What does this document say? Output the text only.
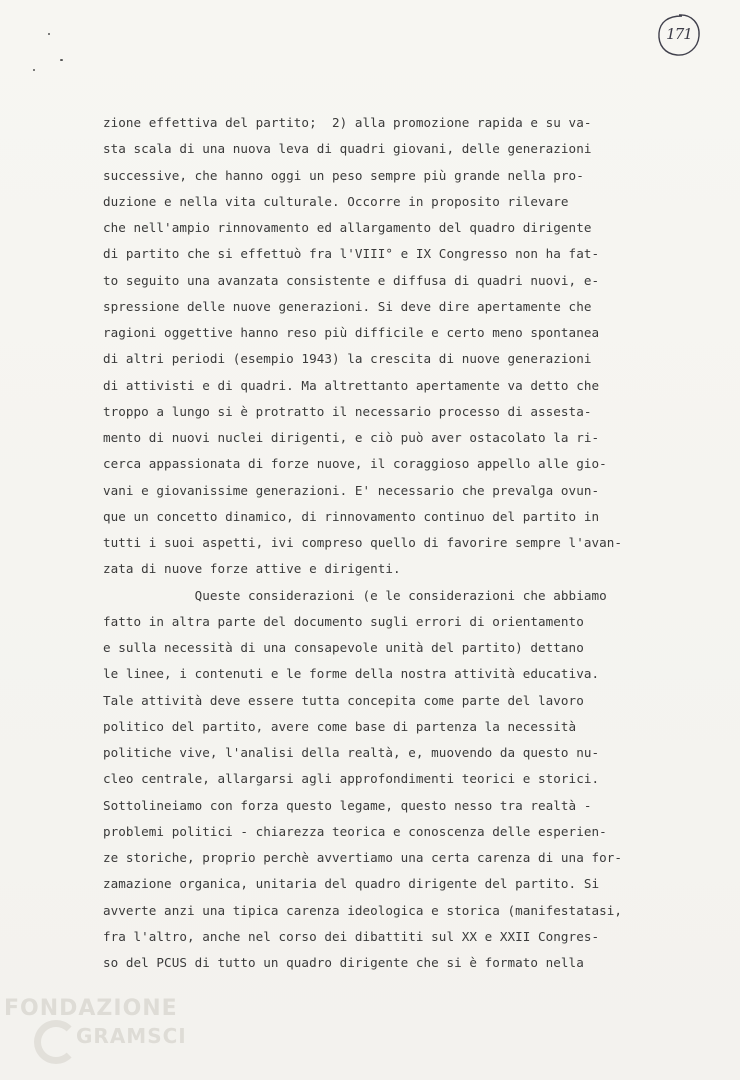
171
zione effettiva del partito;  2) alla promozione rapida e su va-
sta scala di una nuova leva di quadri giovani, delle generazioni
successive, che hanno oggi un peso sempre più grande nella pro-
duzione e nella vita culturale. Occorre in proposito rilevare
che nell'ampio rinnovamento ed allargamento del quadro dirigente
di partito che si effettuò fra l'VIII° e IX Congresso non ha fat-
to seguito una avanzata consistente e diffusa di quadri nuovi, e-
spressione delle nuove generazioni. Si deve dire apertamente che
ragioni oggettive hanno reso più difficile e certo meno spontanea
di altri periodi (esempio 1943) la crescita di nuove generazioni
di attivisti e di quadri. Ma altrettanto apertamente va detto che
troppo a lungo si è protratto il necessario processo di assesta-
mento di nuovi nuclei dirigenti, e ciò può aver ostacolato la ri-
cerca appassionata di forze nuove, il coraggioso appello alle gio-
vani e giovanissime generazioni. E' necessario che prevalga ovun-
que un concetto dinamico, di rinnovamento continuo del partito in
tutti i suoi aspetti, ivi compreso quello di favorire sempre l'avan-
zata di nuove forze attive e dirigenti.
Queste considerazioni (e le considerazioni che abbiamo
fatto in altra parte del documento sugli errori di orientamento
e sulla necessità di una consapevole unità del partito) dettano
le linee, i contenuti e le forme della nostra attività educativa.
Tale attività deve essere tutta concepita come parte del lavoro
politico del partito, avere come base di partenza la necessità
politiche vive, l'analisi della realtà, e, muovendo da questo nu-
cleo centrale, allargarsi agli approfondimenti teorici e storici.
Sottolineiamo con forza questo legame, questo nesso tra realtà -
problemi politici - chiarezza teorica e conoscenza delle esperien-
ze storiche, proprio perchè avvertiamo una certa carenza di una for-
zamazione organica, unitaria del quadro dirigente del partito. Si
avverte anzi una tipica carenza ideologica e storica (manifestatasi,
fra l'altro, anche nel corso dei dibattiti sul XX e XXII Congres-
so del PCUS di tutto un quadro dirigente che si è formato nella
FONDAZIONE
GRAMSCI
